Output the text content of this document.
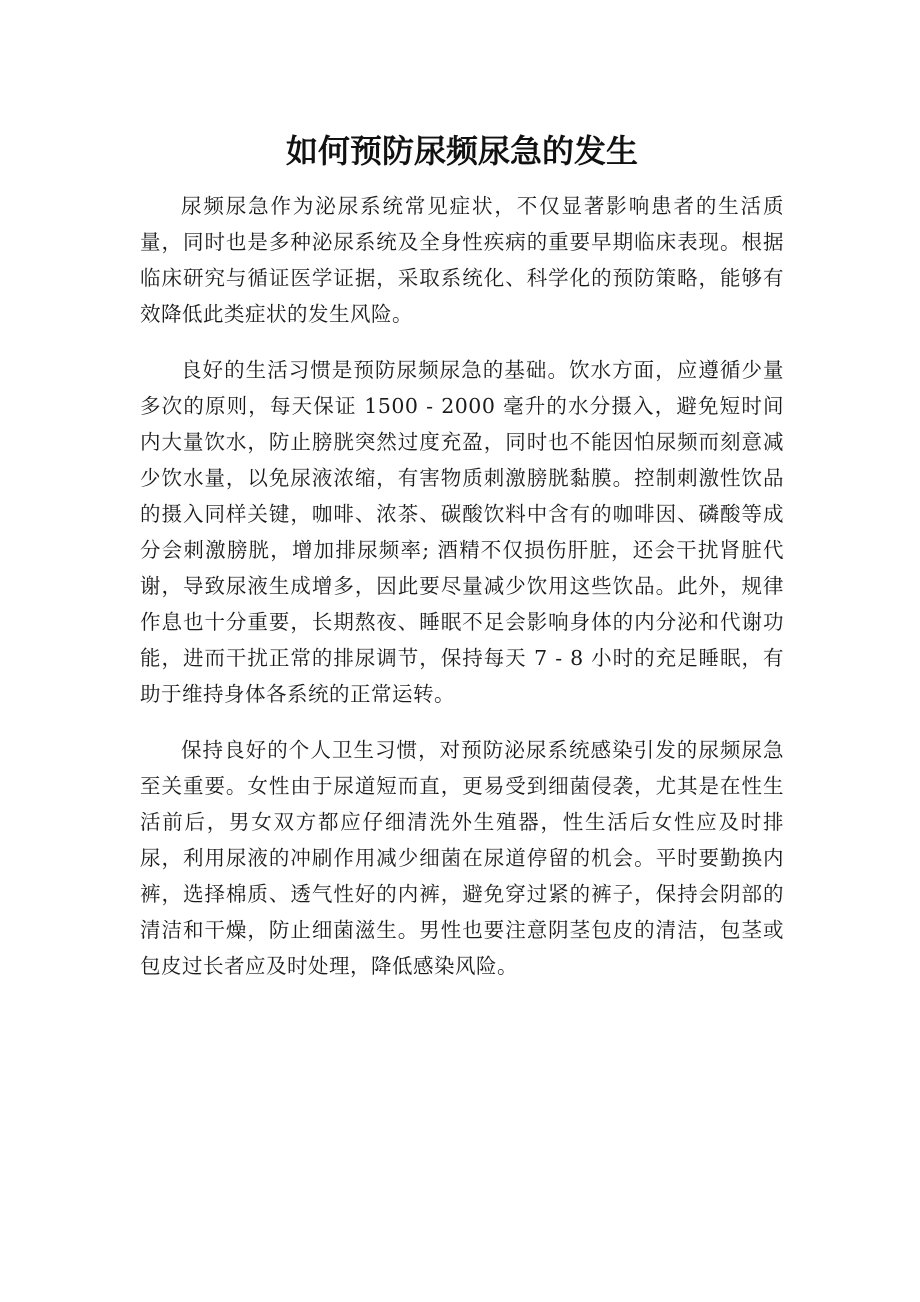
如何预防尿频尿急的发生

尿频尿急作为泌尿系统常见症状，不仅显著影响患者的生活质量，同时也是多种泌尿系统及全身性疾病的重要早期临床表现。根据临床研究与循证医学证据，采取系统化、科学化的预防策略，能够有效降低此类症状的发生风险。

良好的生活习惯是预防尿频尿急的基础。饮水方面，应遵循少量多次的原则，每天保证 1500 - 2000 毫升的水分摄入，避免短时间内大量饮水，防止膀胱突然过度充盈，同时也不能因怕尿频而刻意减少饮水量，以免尿液浓缩，有害物质刺激膀胱黏膜。控制刺激性饮品的摄入同样关键，咖啡、浓茶、碳酸饮料中含有的咖啡因、磷酸等成分会刺激膀胱，增加排尿频率; 酒精不仅损伤肝脏，还会干扰肾脏代谢，导致尿液生成增多，因此要尽量减少饮用这些饮品。此外，规律作息也十分重要，长期熬夜、睡眠不足会影响身体的内分泌和代谢功能，进而干扰正常的排尿调节，保持每天 7 - 8 小时的充足睡眠，有助于维持身体各系统的正常运转。

保持良好的个人卫生习惯，对预防泌尿系统感染引发的尿频尿急至关重要。女性由于尿道短而直，更易受到细菌侵袭，尤其是在性生活前后，男女双方都应仔细清洗外生殖器，性生活后女性应及时排尿，利用尿液的冲刷作用减少细菌在尿道停留的机会。平时要勤换内裤，选择棉质、透气性好的内裤，避免穿过紧的裤子，保持会阴部的清洁和干燥，防止细菌滋生。男性也要注意阴茎包皮的清洁，包茎或包皮过长者应及时处理，降低感染风险。
